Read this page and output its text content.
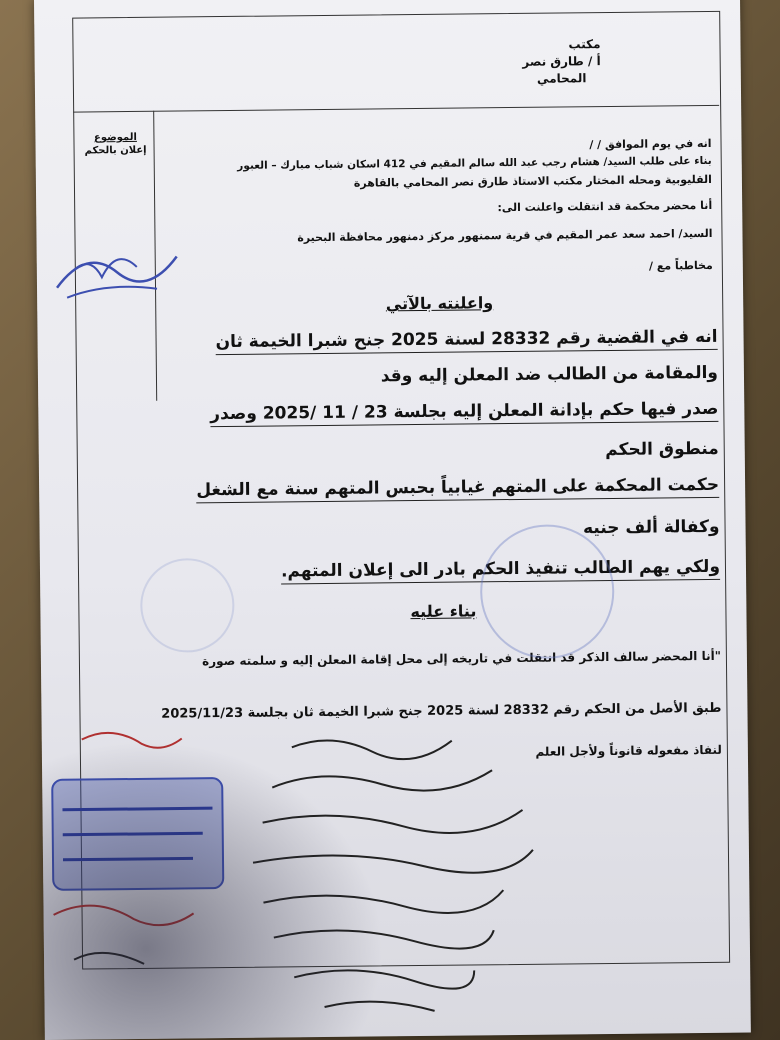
مكتب
أ / طارق نصر
المحامي
الموضوع
إعلان بالحكم	انه في يوم الموافق / /
بناء على طلب السيد/ هشام رجب عبد الله سالم المقيم في 412 اسكان شباب مبارك – العبور
القليوبية ومحله المختار مكتب الاستاذ طارق نصر المحامي بالقاهرة
أنا محضر محكمة قد انتقلت واعلنت الى:
السيد/ احمد سعد عمر المقيم في قرية سمنهور مركز دمنهور محافظة البحيرة
مخاطباً مع /
واعلنته بالآتي
انه في القضية رقم 28332 لسنة 2025 جنح شبرا الخيمة ثان
والمقامة من الطالب ضد المعلن إليه وقد
صدر فيها حكم بإدانة المعلن إليه بجلسة 23 / 11 /2025 وصدر
منطوق الحكم
حكمت المحكمة على المتهم غيابياً بحبس المتهم سنة مع الشغل
وكفالة ألف جنيه
ولكي يهم الطالب تنفيذ الحكم بادر الى إعلان المتهم.
بناء عليه
"أنا المحضر سالف الذكر قد انتقلت في تاريخه إلى محل إقامة المعلن إليه و سلمته صورة
طبق الأصل من الحكم رقم 28332 لسنة 2025 جنح شبرا الخيمة ثان بجلسة 2025/11/23
لنفاذ مفعوله قانوناً ولأجل العلم
